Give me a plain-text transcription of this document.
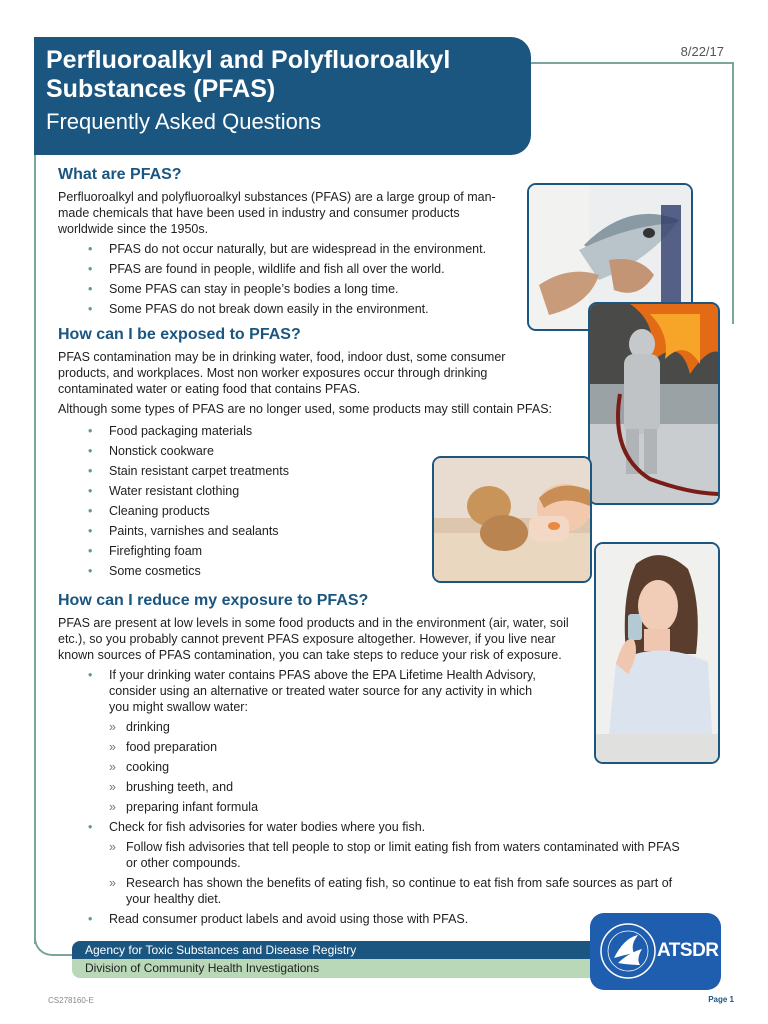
8/22/17
Perfluoroalkyl and Polyfluoroalkyl Substances (PFAS)
Frequently Asked Questions
What are PFAS?
Perfluoroalkyl and polyfluoroalkyl substances (PFAS) are a large group of man-made chemicals that have been used in industry and consumer products worldwide since the 1950s.
• PFAS do not occur naturally, but are widespread in the environment.
• PFAS are found in people, wildlife and fish all over the world.
• Some PFAS can stay in people’s bodies a long time.
• Some PFAS do not break down easily in the environment.
How can I be exposed to PFAS?
PFAS contamination may be in drinking water, food, indoor dust, some consumer products, and workplaces. Most non worker exposures occur through drinking contaminated water or eating food that contains PFAS.
Although some types of PFAS are no longer used, some products may still contain PFAS:
• Food packaging materials
• Nonstick cookware
• Stain resistant carpet treatments
• Water resistant clothing
• Cleaning products
• Paints, varnishes and sealants
• Firefighting foam
• Some cosmetics
How can I reduce my exposure to PFAS?
PFAS are present at low levels in some food products and in the environment (air, water, soil etc.), so you probably cannot prevent PFAS exposure altogether. However, if you live near known sources of PFAS contamination, you can take steps to reduce your risk of exposure.
• If your drinking water contains PFAS above the EPA Lifetime Health Advisory, consider using an alternative or treated water source for any activity in which you might swallow water:
» drinking
» food preparation
» cooking
» brushing teeth, and
» preparing infant formula
• Check for fish advisories for water bodies where you fish.
» Follow fish advisories that tell people to stop or limit eating fish from waters contaminated with PFAS or other compounds.
» Research has shown the benefits of eating fish, so continue to eat fish from safe sources as part of your healthy diet.
• Read consumer product labels and avoid using those with PFAS.
Agency for Toxic Substances and Disease Registry
Division of Community Health Investigations
ATSDR
CS278160-E	Page 1
